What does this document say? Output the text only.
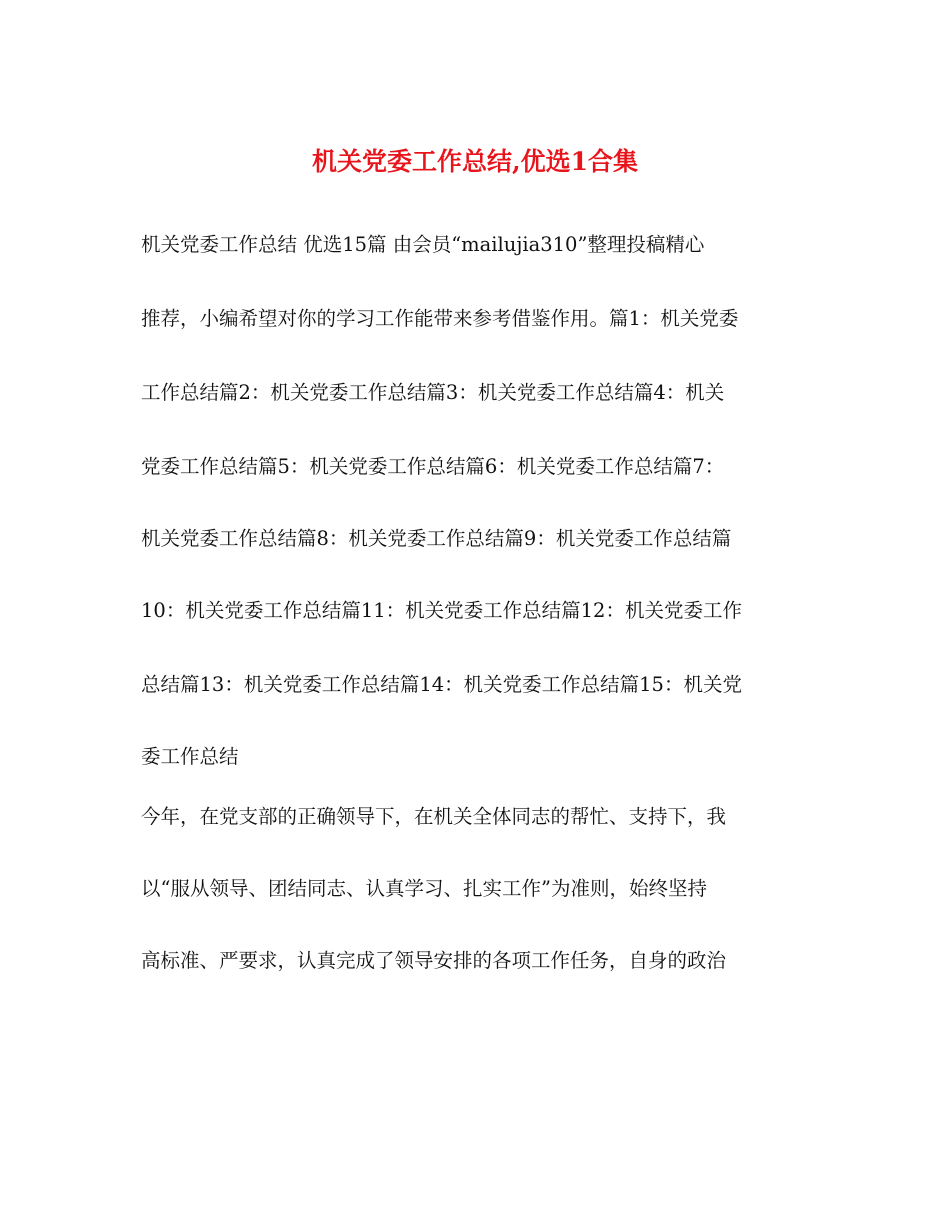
机关党委工作总结,优选1合集
机关党委工作总结 优选15篇 由会员“mailujia310”整理投稿精心
推荐，小编希望对你的学习工作能带来参考借鉴作用。篇1：机关党委
工作总结篇2：机关党委工作总结篇3：机关党委工作总结篇4：机关
党委工作总结篇5：机关党委工作总结篇6：机关党委工作总结篇7：
机关党委工作总结篇8：机关党委工作总结篇9：机关党委工作总结篇
10：机关党委工作总结篇11：机关党委工作总结篇12：机关党委工作
总结篇13：机关党委工作总结篇14：机关党委工作总结篇15：机关党
委工作总结
今年，在党支部的正确领导下，在机关全体同志的帮忙、支持下，我
以“服从领导、团结同志、认真学习、扎实工作”为准则，始终坚持
高标准、严要求，认真完成了领导安排的各项工作任务，自身的政治
